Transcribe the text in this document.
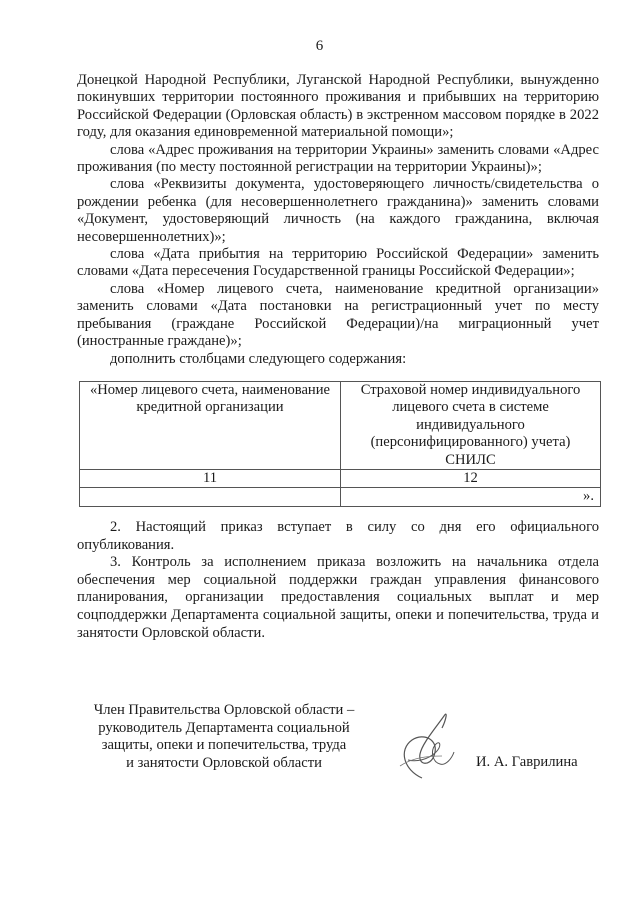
6

Донецкой Народной Республики, Луганской Народной Республики, вынужденно покинувших территории постоянного проживания и прибывших на территорию Российской Федерации (Орловская область) в экстренном массовом порядке в 2022 году, для оказания единовременной материальной помощи»;

слова «Адрес проживания на территории Украины» заменить словами «Адрес проживания (по месту постоянной регистрации на территории Украины)»;

слова «Реквизиты документа, удостоверяющего личность/свидетельства о рождении ребенка (для несовершеннолетнего гражданина)» заменить словами «Документ, удостоверяющий личность (на каждого гражданина, включая несовершеннолетних)»;

слова «Дата прибытия на территорию Российской Федерации» заменить словами «Дата пересечения Государственной границы Российской Федерации»;

слова «Номер лицевого счета, наименование кредитной организации» заменить словами «Дата постановки на регистрационный учет по месту пребывания (граждане Российской Федерации)/на миграционный учет (иностранные граждане)»;

дополнить столбцами следующего содержания:

«Номер лицевого счета, наименование кредитной организации	Страховой номер индивидуального лицевого счета в системе индивидуального (персонифицированного) учета) СНИЛС
11	12
	».

2. Настоящий приказ вступает в силу со дня его официального опубликования.

3. Контроль за исполнением приказа возложить на начальника отдела обеспечения мер социальной поддержки граждан управления финансового планирования, организации предоставления социальных выплат и мер соцподдержки Департамента социальной защиты, опеки и попечительства, труда и занятости Орловской области.

Член Правительства Орловской области –
руководитель Департамента социальной
защиты, опеки и попечительства, труда
и занятости Орловской области	И. А. Гаврилина
